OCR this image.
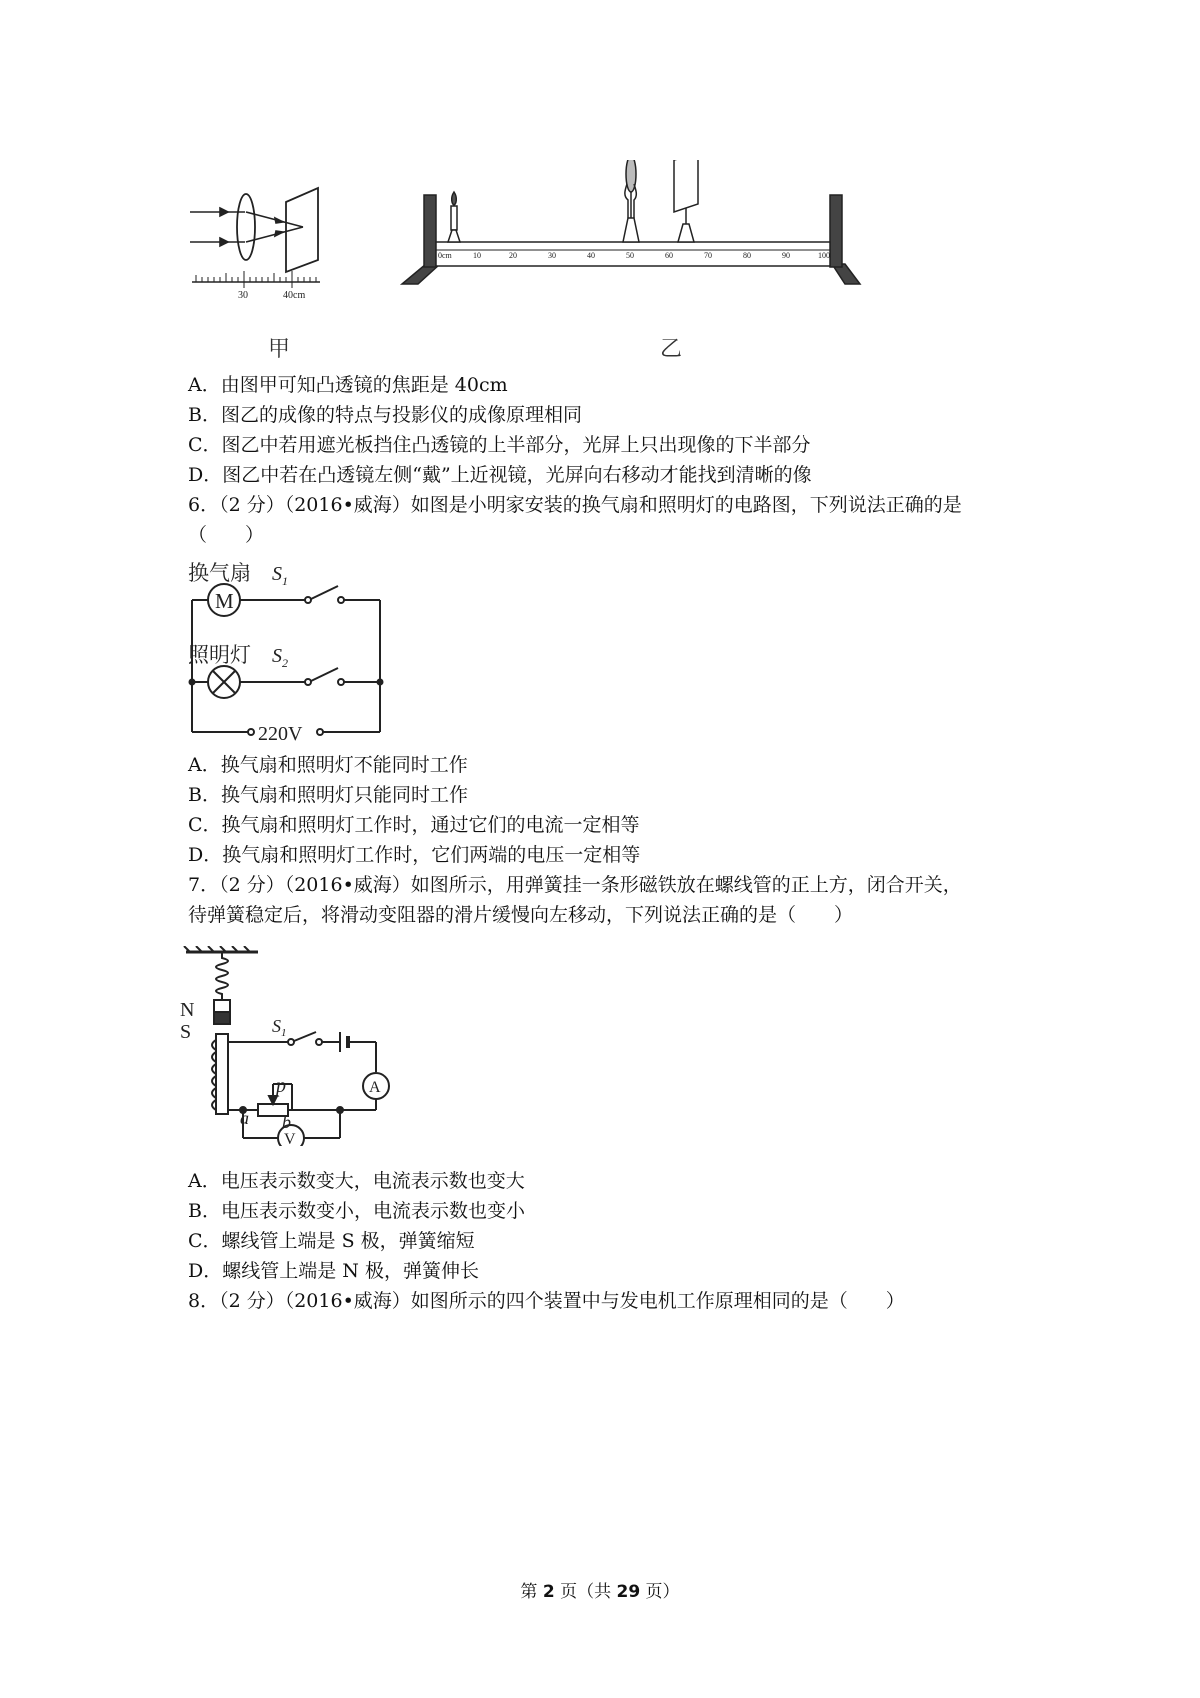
30	40cm
0cm	10	20	30	40	50	60	70	80	90	100
甲	乙
A．由图甲可知凸透镜的焦距是 40cm
B．图乙的成像的特点与投影仪的成像原理相同
C．图乙中若用遮光板挡住凸透镜的上半部分，光屏上只出现像的下半部分
D．图乙中若在凸透镜左侧“戴”上近视镜，光屏向右移动才能找到清晰的像
6．（2 分）（2016•威海）如图是小明家安装的换气扇和照明灯的电路图，下列说法正确的是
（　　）
换气扇
M
$S_1$
照明灯 $S_2$
220V
A．换气扇和照明灯不能同时工作
B．换气扇和照明灯只能同时工作
C．换气扇和照明灯工作时，通过它们的电流一定相等
D．换气扇和照明灯工作时，它们两端的电压一定相等
7．（2 分）（2016•威海）如图所示，用弹簧挂一条形磁铁放在螺线管的正上方，闭合开关，
待弹簧稳定后，将滑动变阻器的滑片缓慢向左移动，下列说法正确的是（　　）
N
S	$S_1$
A
V
p
a b
A．电压表示数变大，电流表示数也变大
B．电压表示数变小，电流表示数也变小
C．螺线管上端是 S 极，弹簧缩短
D．螺线管上端是 N 极，弹簧伸长
8．（2 分）（2016•威海）如图所示的四个装置中与发电机工作原理相同的是（　　）
第 2 页（共 29 页）
